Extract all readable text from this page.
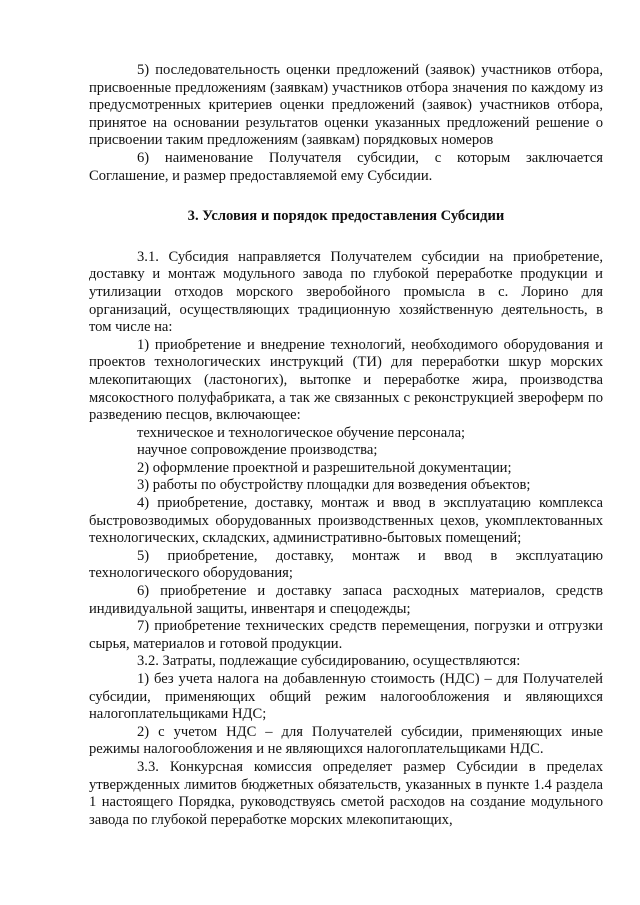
5) последовательность оценки предложений (заявок) участников отбора, присвоенные предложениям (заявкам) участников отбора значения по каждому из предусмотренных критериев оценки предложений (заявок) участников отбора, принятое на основании результатов оценки указанных предложений решение о присвоении таким предложениям (заявкам) порядковых номеров

6) наименование Получателя субсидии, с которым заключается Соглашение, и размер предоставляемой ему Субсидии.

3. Условия и порядок предоставления Субсидии

3.1. Субсидия направляется Получателем субсидии на приобретение, доставку и монтаж модульного завода по глубокой переработке продукции и утилизации отходов морского зверобойного промысла в с. Лорино для организаций, осуществляющих традиционную хозяйственную деятельность, в том числе на:

1) приобретение и внедрение технологий, необходимого оборудования и проектов технологических инструкций (ТИ) для переработки шкур морских млекопитающих (ластоногих), вытопке и переработке жира, производства мясокостного полуфабриката, а так же связанных с реконструкцией звероферм по разведению песцов, включающее:

техническое и технологическое обучение персонала;

научное сопровождение производства;

2) оформление проектной и разрешительной документации;

3) работы по обустройству площадки для возведения объектов;

4) приобретение, доставку, монтаж и ввод в эксплуатацию комплекса быстровозводимых оборудованных производственных цехов, укомплектованных технологических, складских, административно-бытовых помещений;

5) приобретение, доставку, монтаж и ввод в эксплуатацию технологического оборудования;

6) приобретение и доставку запаса расходных материалов, средств индивидуальной защиты, инвентаря и спецодежды;

7) приобретение технических средств перемещения, погрузки и отгрузки сырья, материалов и готовой продукции.

3.2. Затраты, подлежащие субсидированию, осуществляются:

1) без учета налога на добавленную стоимость (НДС) – для Получателей субсидии, применяющих общий режим налогообложения и являющихся налогоплательщиками НДС;

2) с учетом НДС – для Получателей субсидии, применяющих иные режимы налогообложения и не являющихся налогоплательщиками НДС.

3.3. Конкурсная комиссия определяет размер Субсидии в пределах утвержденных лимитов бюджетных обязательств, указанных в пункте 1.4 раздела 1 настоящего Порядка, руководствуясь сметой расходов на создание модульного завода по глубокой переработке морских млекопитающих,
